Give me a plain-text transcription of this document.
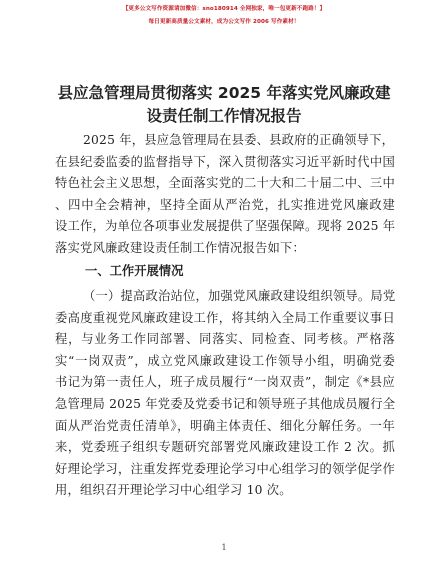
【更多公文写作资源请加微信：sno180914 全网独家，唯一包更新不跑路！】
每日更新高质量公文素材，成为公文写作 2006 写作素材！
县应急管理局贯彻落实 2025 年落实党风廉政建
设责任制工作情况报告
2025 年，县应急管理局在县委、县政府的正确领导下，
在县纪委监委的监督指导下，深入贯彻落实习近平新时代中国
特色社会主义思想，全面落实党的二十大和二十届二中、三中
、四中全会精神，坚持全面从严治党，扎实推进党风廉政建
设工作，为单位各项事业发展提供了坚强保障。现将 2025 年
落实党风廉政建设责任制工作情况报告如下：
一、工作开展情况
（一）提高政治站位，加强党风廉政建设组织领导。局党
委高度重视党风廉政建设工作，将其纳入全局工作重要议事日
程，与业务工作同部署、同落实、同检查、同考核。严格落
实“一岗双责”，成立党风廉政建设工作领导小组，明确党委
书记为第一责任人，班子成员履行“一岗双责”，制定《*县应
急管理局 2025 年党委及党委书记和领导班子其他成员履行全
面从严治党责任清单》，明确主体责任、细化分解任务。一年
来，党委班子组织专题研究部署党风廉政建设工作 2 次。抓
好理论学习，注重发挥党委理论学习中心组学习的领学促学作
用，组织召开理论学习中心组学习 10 次。
1
